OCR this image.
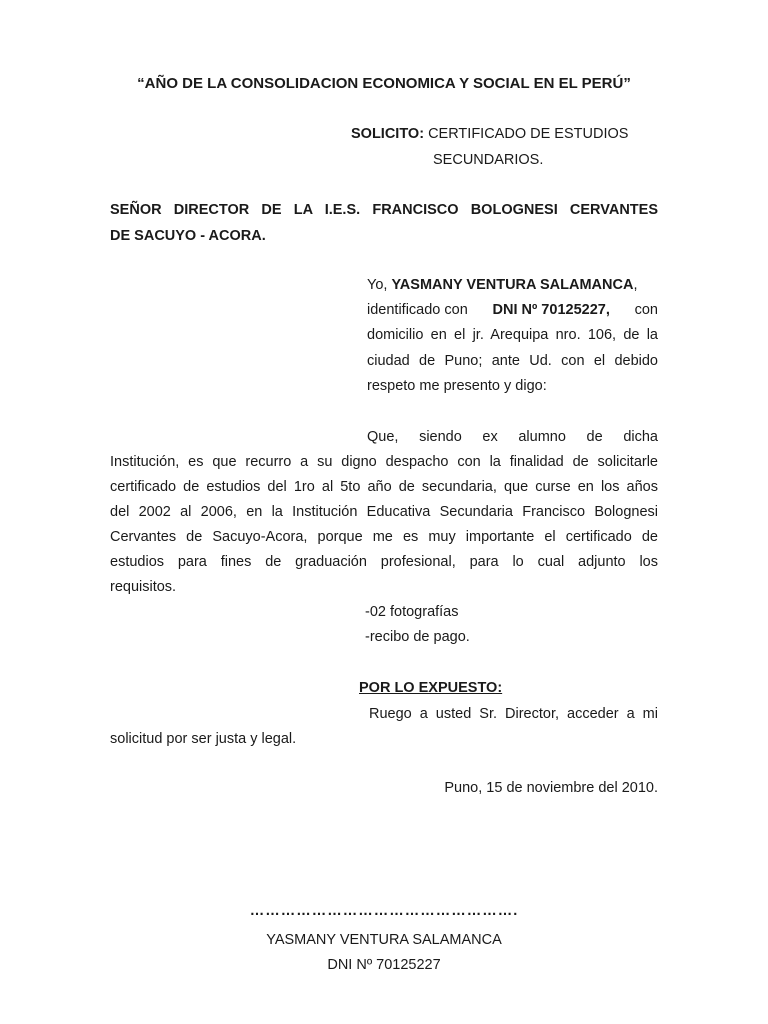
“AÑO DE LA CONSOLIDACION ECONOMICA Y SOCIAL EN EL PERÚ”
SOLICITO: CERTIFICADO DE ESTUDIOS
SECUNDARIOS.
SEÑOR DIRECTOR DE LA I.E.S. FRANCISCO BOLOGNESI CERVANTES
DE SACUYO - ACORA.
Yo, YASMANY VENTURA SALAMANCA,
identificado con DNI Nº 70125227, con
domicilio en el jr. Arequipa nro. 106, de la
ciudad de Puno; ante Ud. con el debido
respeto me presento y digo:
Que, siendo ex alumno de dicha
Institución, es que recurro a su digno despacho con la finalidad de solicitarle
certificado de estudios del 1ro al 5to año de secundaria, que curse en los años
del 2002 al 2006, en la Institución Educativa Secundaria Francisco Bolognesi
Cervantes de Sacuyo-Acora, porque me es muy importante el certificado de
estudios para fines de graduación profesional, para lo cual adjunto los
requisitos.
-02 fotografías
-recibo de pago.
POR LO EXPUESTO:
Ruego a usted Sr. Director, acceder a mi
solicitud por ser justa y legal.
Puno, 15 de noviembre del 2010.
…………………………………………….
YASMANY VENTURA SALAMANCA
DNI Nº 70125227
